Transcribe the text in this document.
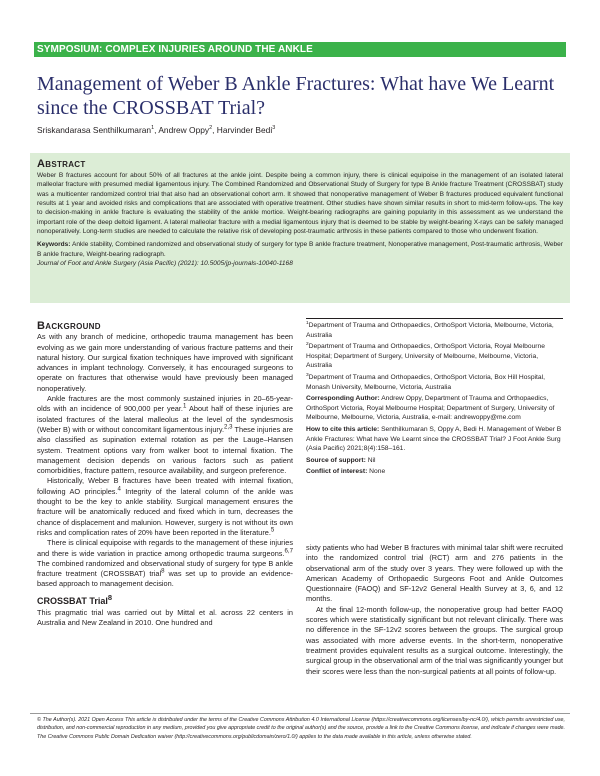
SYMPOSIUM: COMPLEX INJURIES AROUND THE ANKLE
Management of Weber B Ankle Fractures: What have We Learnt since the CROSSBAT Trial?
Sriskandarasa Senthilkumaran$^1$, Andrew Oppy$^2$, Harvinder Bedi$^3$
Abstract

Weber B fractures account for about 50% of all fractures at the ankle joint. Despite being a common injury, there is clinical equipoise in the management of an isolated lateral malleolar fracture with presumed medial ligamentous injury. The Combined Randomized and Observational Study of Surgery for type B Ankle fracture Treatment (CROSSBAT) study was a multicenter randomized control trial that also had an observational cohort arm. It showed that nonoperative management of Weber B fractures produced equivalent functional results at 1 year and avoided risks and complications that are associated with operative treatment. Other studies have shown similar results in short to mid-term follow-ups. The key to decision-making in ankle fracture is evaluating the stability of the ankle mortice. Weight-bearing radiographs are gaining popularity in this assessment as we understand the important role of the deep deltoid ligament. A lateral malleolar fracture with a medial ligamentous injury that is deemed to be stable by weight-bearing X-rays can be safely managed nonoperatively. Long-term studies are needed to calculate the relative risk of developing post-traumatic arthrosis in these patients compared to those who underwent fixation.

Keywords: Ankle stability, Combined randomized and observational study of surgery for type B ankle fracture treatment, Nonoperative management, Post-traumatic arthrosis, Weber B ankle fracture, Weight-bearing radiograph.

Journal of Foot and Ankle Surgery (Asia Pacific) (2021): 10.5005/jp-journals-10040-1168

Background

As with any branch of medicine, orthopedic trauma management has been evolving as we gain more understanding of various fracture patterns and their natural history. Our surgical fixation techniques have improved with significant advances in implant technology. Conversely, it has encouraged surgeons to operate on fractures that otherwise would have previously been managed nonoperatively.

Ankle fractures are the most commonly sustained injuries in 20–65-year-olds with an incidence of 900,000 per year.$^1$ About half of these injuries are isolated fractures of the lateral malleolus at the level of the syndesmosis (Weber B) with or without concomitant ligamentous injury.$^{2,3}$ These injuries are also classified as supination external rotation as per the Lauge–Hansen system. Treatment options vary from walker boot to internal fixation. The management decision depends on various factors such as patient comorbidities, fracture pattern, resource availability, and surgeon preference.

Historically, Weber B fractures have been treated with internal fixation, following AO principles.$^4$ Integrity of the lateral column of the ankle was thought to be the key to ankle stability. Surgical management ensures the fracture will be anatomically reduced and fixed which in turn, decreases the chance of displacement and malunion. However, surgery is not without its own risks and complication rates of 20% have been reported in the literature.$^5$

There is clinical equipoise with regards to the management of these injuries and there is wide variation in practice among orthopedic trauma surgeons.$^{6,7}$ The combined randomized and observational study of surgery for type B ankle fracture treatment (CROSSBAT) trial$^8$ was set up to provide an evidence-based approach to management decision.

CROSSBAT Trial$^8$

This pragmatic trial was carried out by Mittal et al. across 22 centers in Australia and New Zealand in 2010. One hundred and

$^1$Department of Trauma and Orthopaedics, OrthoSport Victoria, Melbourne, Victoria, Australia

$^2$Department of Trauma and Orthopaedics, OrthoSport Victoria, Royal Melbourne Hospital; Department of Surgery, University of Melbourne, Melbourne, Victoria, Australia

$^3$Department of Trauma and Orthopaedics, OrthoSport Victoria, Box Hill Hospital, Monash University, Melbourne, Victoria, Australia

Corresponding Author: Andrew Oppy, Department of Trauma and Orthopaedics, OrthoSport Victoria, Royal Melbourne Hospital; Department of Surgery, University of Melbourne, Melbourne, Victoria, Australia, e-mail: andrewoppy@me.com

How to cite this article: Senthilkumaran S, Oppy A, Bedi H. Management of Weber B Ankle Fractures: What have We Learnt since the CROSSBAT Trial? J Foot Ankle Surg (Asia Pacific) 2021;8(4):158–161.

Source of support: Nil

Conflict of interest: None

sixty patients who had Weber B fractures with minimal talar shift were recruited into the randomized control trial (RCT) arm and 276 patients in the observational arm of the study over 3 years. They were followed up with the American Academy of Orthopaedic Surgeons Foot and Ankle Outcomes Questionnaire (FAOQ) and SF-12v2 General Health Survey at 3, 6, and 12 months.

At the final 12-month follow-up, the nonoperative group had better FAOQ scores which were statistically significant but not relevant clinically. There was no difference in the SF-12v2 scores between the groups. The surgical group was associated with more adverse events. In the short-term, nonoperative treatment provides equivalent results as a surgical outcome. Interestingly, the surgical group in the observational arm of the trial was significantly younger but their scores were less than the non-surgical patients at all points of follow-up.

© The Author(s). 2021 Open Access This article is distributed under the terms of the Creative Commons Attribution 4.0 International License (https://creativecommons.org/licenses/by-nc/4.0/), which permits unrestricted use, distribution, and non-commercial reproduction in any medium, provided you give appropriate credit to the original author(s) and the source, provide a link to the Creative Commons license, and indicate if changes were made. The Creative Commons Public Domain Dedication waiver (http://creativecommons.org/publicdomain/zero/1.0/) applies to the data made available in this article, unless otherwise stated.
